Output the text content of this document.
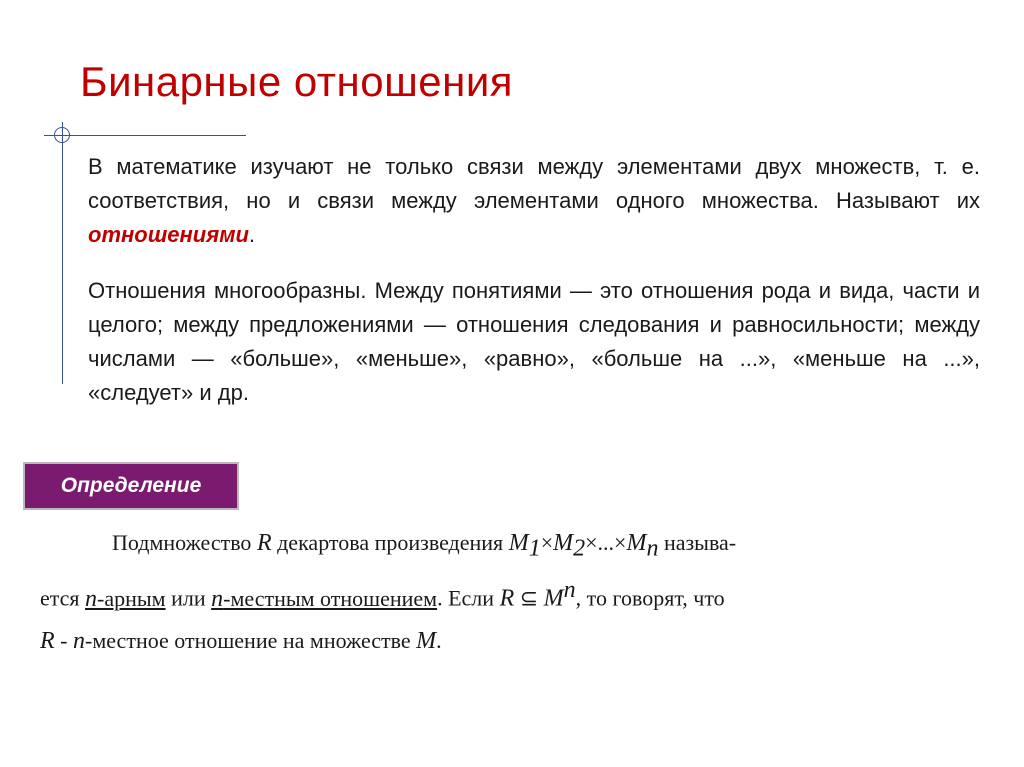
Бинарные отношения

В математике изучают не только связи между элементами двух множеств, т. е. соответствия, но и связи между элементами одного множества. Называют их отношениями.

Отношения многообразны. Между понятиями — это отношения рода и вида, части и целого; между предложениями — отношения следования и равносильности; между числами — «больше», «меньше», «равно», «больше на ...», «меньше на ...», «следует» и др.

Определение
Подмножество R декартова произведения $M_1\times M_2\times...\times M_n$ называ-
ется n-арным или n-местным отношением. Если R ⊆ $M^n$, то говорят, что
R - n-местное отношение на множестве M.
